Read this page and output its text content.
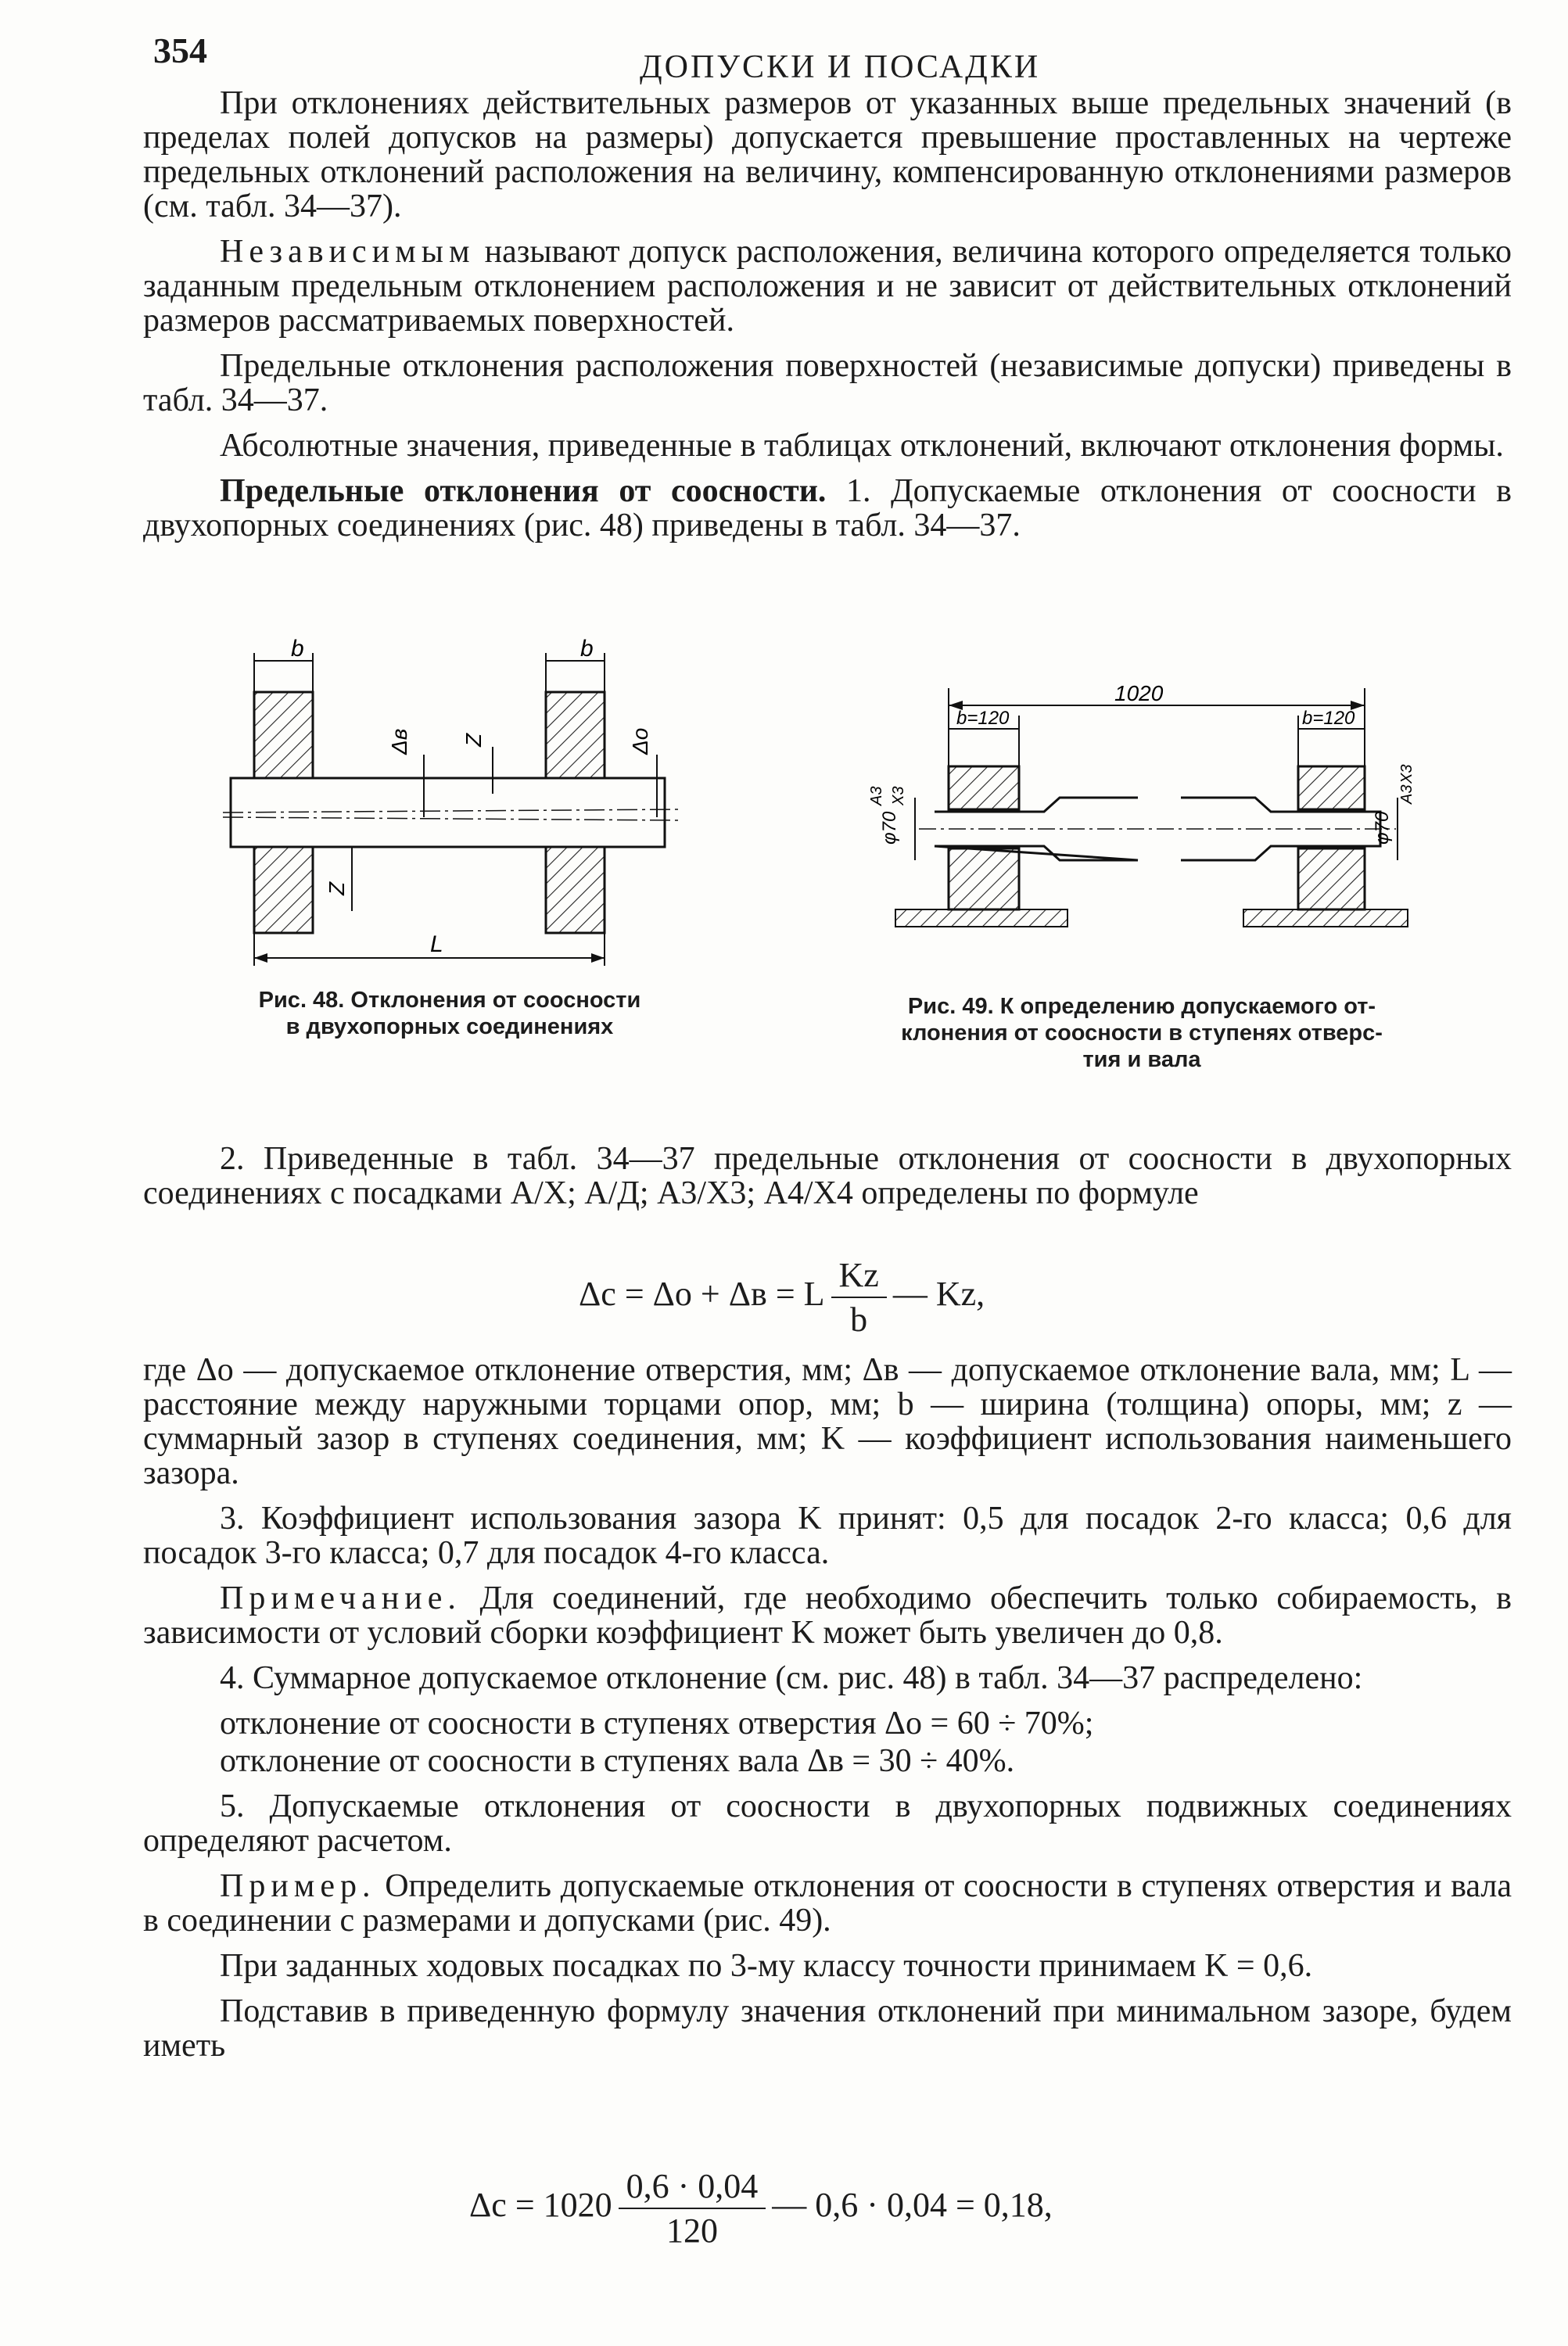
354	ДОПУСКИ И ПОСАДКИ

При отклонениях действительных размеров от указанных выше предельных значений (в пределах полей допусков на размеры) допускается превышение проставленных на чертеже предельных отклонений расположения на величину, компенсированную отклонениями размеров (см. табл. 34—37).

Независимым называют допуск расположения, величина которого определяется только заданным предельным отклонением расположения и не зависит от действительных отклонений размеров рассматриваемых поверхностей.

Предельные отклонения расположения поверхностей (независимые допуски) приведены в табл. 34—37.

Абсолютные значения, приведенные в таблицах отклонений, включают отклонения формы.

Предельные отклонения от соосности. 1. Допускаемые отклонения от соосности в двухопорных соединениях (рис. 48) приведены в табл. 34—37.

b	b
Δв Z	Δо
Z
L
Рис. 48. Отклонения от соосности
в двухопорных соединениях
1020
b=120	b=120
φ70
А3 Х3
φ70
А3
Х3
Рис. 49. К определению допускаемого от-
клонения от соосности в ступенях отверс-
тия и вала

2. Приведенные в табл. 34—37 предельные отклонения от соосности в двухопорных соединениях с посадками А/Х; А/Д; А3/Х3; А4/Х4 определены по формуле

Δс = Δо + Δв = L $\frac{Kz}{b}$ — Kz,

где Δо — допускаемое отклонение отверстия, мм; Δв — допускаемое отклонение вала, мм; L — расстояние между наружными торцами опор, мм; b — ширина (толщина) опоры, мм; z — суммарный зазор в ступенях соединения, мм; K — коэффициент использования наименьшего зазора.

3. Коэффициент использования зазора K принят: 0,5 для посадок 2-го класса; 0,6 для посадок 3-го класса; 0,7 для посадок 4-го класса.

Примечание. Для соединений, где необходимо обеспечить только собираемость, в зависимости от условий сборки коэффициент K может быть увеличен до 0,8.

4. Суммарное допускаемое отклонение (см. рис. 48) в табл. 34—37 распределено:

отклонение от соосности в ступенях отверстия Δо = 60 ÷ 70%;

отклонение от соосности в ступенях вала Δв = 30 ÷ 40%.

5. Допускаемые отклонения от соосности в двухопорных подвижных соединениях определяют расчетом.

Пример. Определить допускаемые отклонения от соосности в ступенях отверстия и вала в соединении с размерами и допусками (рис. 49).

При заданных ходовых посадках по 3-му классу точности принимаем K = 0,6.

Подставив в приведенную формулу значения отклонений при минимальном зазоре, будем иметь

$\Delta с = 1020 \frac{0,6 \cdot 0,04}{120}$ — 0,6 · 0,04 = 0,18,
